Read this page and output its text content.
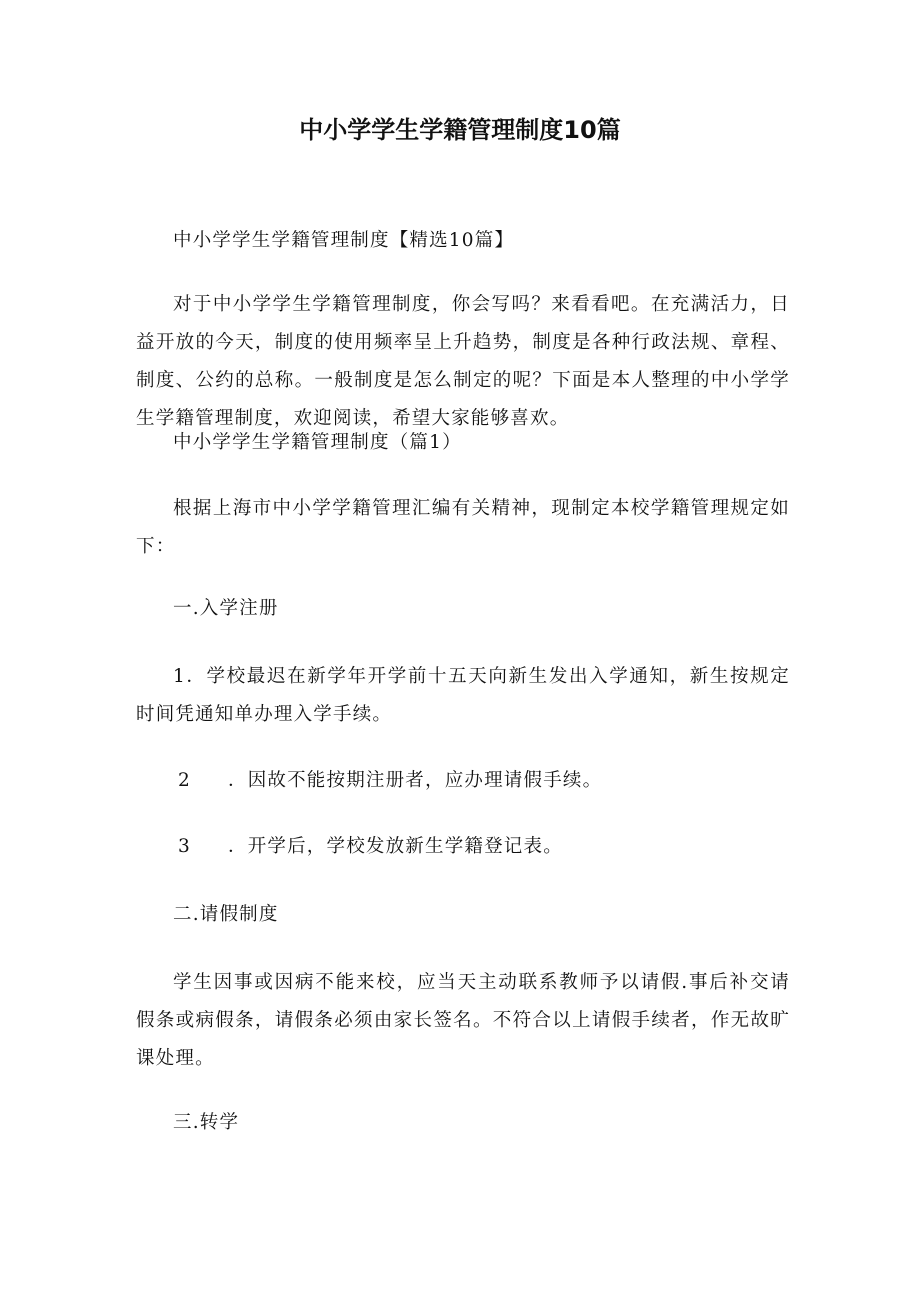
中小学学生学籍管理制度10篇

中小学学生学籍管理制度【精选10篇】

对于中小学学生学籍管理制度，你会写吗？来看看吧。在充满活力，日益开放的今天，制度的使用频率呈上升趋势，制度是各种行政法规、章程、制度、公约的总称。一般制度是怎么制定的呢？下面是本人整理的中小学学生学籍管理制度，欢迎阅读，希望大家能够喜欢。

中小学学生学籍管理制度（篇1）

根据上海市中小学学籍管理汇编有关精神，现制定本校学籍管理规定如下：

一.入学注册

1．学校最迟在新学年开学前十五天向新生发出入学通知，新生按规定时间凭通知单办理入学手续。

2 ．因故不能按期注册者，应办理请假手续。
3 ．开学后，学校发放新生学籍登记表。

二.请假制度

学生因事或因病不能来校，应当天主动联系教师予以请假.事后补交请假条或病假条，请假条必须由家长签名。不符合以上请假手续者，作无故旷课处理。

三.转学
